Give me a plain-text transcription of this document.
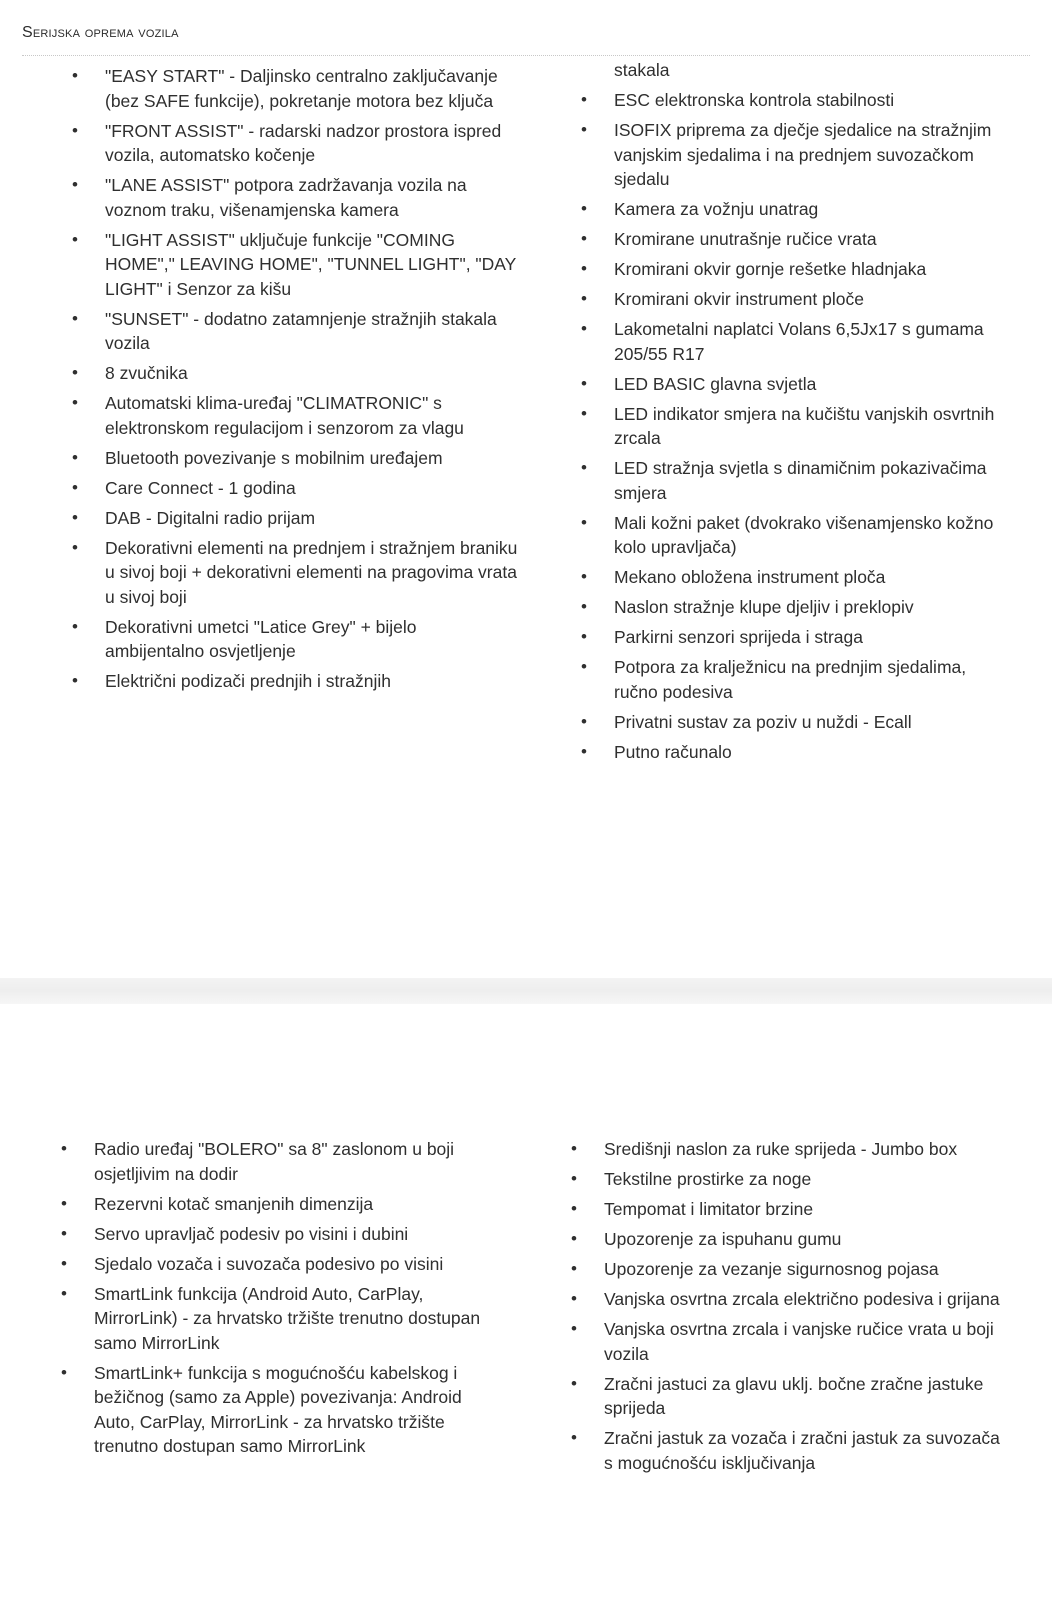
Serijska oprema vozila
• "EASY START" - Daljinsko centralno zaključavanje (bez SAFE funkcije), pokretanje motora bez ključa
• "FRONT ASSIST" - radarski nadzor prostora ispred vozila, automatsko kočenje
• "LANE ASSIST" potpora zadržavanja vozila na voznom traku, višenamjenska kamera
• "LIGHT ASSIST" uključuje funkcije "COMING HOME"," LEAVING HOME", "TUNNEL LIGHT", "DAY LIGHT" i Senzor za kišu
• "SUNSET" - dodatno zatamnjenje stražnjih stakala vozila
• 8 zvučnika
• Automatski klima-uređaj "CLIMATRONIC" s elektronskom regulacijom i senzorom za vlagu
• Bluetooth povezivanje s mobilnim uređajem
• Care Connect - 1 godina
• DAB - Digitalni radio prijam
• Dekorativni elementi na prednjem i stražnjem braniku u sivoj boji + dekorativni elementi na pragovima vrata u sivoj boji
• Dekorativni umetci "Latice Grey" + bijelo ambijentalno osvjetljenje
• Električni podizači prednjih i stražnjih
stakala
• ESC elektronska kontrola stabilnosti
• ISOFIX priprema za dječje sjedalice na stražnjim vanjskim sjedalima i na prednjem suvozačkom sjedalu
• Kamera za vožnju unatrag
• Kromirane unutrašnje ručice vrata
• Kromirani okvir gornje rešetke hladnjaka
• Kromirani okvir instrument ploče
• Lakometalni naplatci Volans 6,5Jx17 s gumama 205/55 R17
• LED BASIC glavna svjetla
• LED indikator smjera na kučištu vanjskih osvrtnih zrcala
• LED stražnja svjetla s dinamičnim pokazivačima smjera
• Mali kožni paket (dvokrako višenamjensko kožno kolo upravljača)
• Mekano obložena instrument ploča
• Naslon stražnje klupe djeljiv i preklopiv
• Parkirni senzori sprijeda i straga
• Potpora za kralježnicu na prednjim sjedalima, ručno podesiva
• Privatni sustav za poziv u nuždi - Ecall
• Putno računalo
• Radio uređaj "BOLERO" sa 8" zaslonom u boji osjetljivim na dodir
• Rezervni kotač smanjenih dimenzija
• Servo upravljač podesiv po visini i dubini
• Sjedalo vozača i suvozača podesivo po visini
• SmartLink funkcija (Android Auto, CarPlay, MirrorLink) - za hrvatsko tržište trenutno dostupan samo MirrorLink
• SmartLink+ funkcija s mogućnošću kabelskog i bežičnog (samo za Apple) povezivanja: Android Auto, CarPlay, MirrorLink - za hrvatsko tržište trenutno dostupan samo MirrorLink
• Središnji naslon za ruke sprijeda - Jumbo box
• Tekstilne prostirke za noge
• Tempomat i limitator brzine
• Upozorenje za ispuhanu gumu
• Upozorenje za vezanje sigurnosnog pojasa
• Vanjska osvrtna zrcala električno podesiva i grijana
• Vanjska osvrtna zrcala i vanjske ručice vrata u boji vozila
• Zračni jastuci za glavu uklj. bočne zračne jastuke sprijeda
• Zračni jastuk za vozača i zračni jastuk za suvozača s mogućnošću isključivanja
